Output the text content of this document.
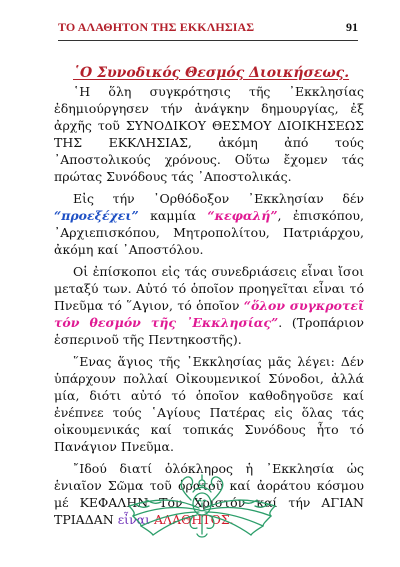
ΤΟ ΑΛΑΘΗΤΟΝ ΤΗΣ ΕΚΚΛΗΣΙΑΣ	91
῾Ο Συνοδικός Θεσμός Διοικήσεως.

῾Η ὅλη συγκρότησις τῆς ᾿Εκκλησίας ἐδημιούργησεν τήν ἀνάγκην δημουργίας, ἐξ ἀρχῆς τοῦ ΣΥΝΟΔΙΚΟΥ ΘΕΣΜΟΥ ΔΙΟΙΚΗΣΕΩΣ ΤΗΣ ΕΚΚΛΗΣΙΑΣ, ἀκόμη ἀπό τούς ᾿Αποστολικούς χρόνους. Οὕτω ἔχομεν τάς πρώτας Συνόδους τάς ᾿Αποστολικάς.

Εἰς τήν ᾿Ορθόδοξον ᾿Εκκλησίαν δέν “προεξέχει” καμμία “κεφαλή”, ἐπισκόπου, ᾿Αρχιεπισκόπου, Μητροπολίτου, Πατριάρχου, ἀκόμη καί ᾿Αποστόλου.

Οἱ ἐπίσκοποι εἰς τάς συνεδριάσεις εἶναι ἴσοι μεταξύ των. Αὐτό τό ὁποῖον προηγεῖται εἶναι τό Πνεῦμα τό ῞Αγιον, τό ὁποῖον “ὅλον συγκροτεῖ τόν θεσμόν τῆς ᾿Εκκλησίας”. (Τροπάριον ἑσπερινοῦ τῆς Πεντηκοστῆς).

῞Ενας ἅγιος τῆς ᾿Εκκλησίας μᾶς λέγει: Δέν ὑπάρχουν πολλαί Οἰκουμενικοί Σύνοδοι, ἀλλά μία, διότι αὐτό τό ὁποῖον καθοδηγοῦσε καί ἐνέπνεε τούς ῾Αγίους Πατέρας εἰς ὅλας τάς οἰκουμενικάς καί τοπικάς Συνόδους ἦτο τό Πανάγιον Πνεῦμα.

῎Ιδού διατί ὁλόκληρος ἡ ᾿Εκκλησία ὡς ἑνιαῖον Σῶμα τοῦ ὁρατοῦ καί ἀοράτου κόσμου μέ ΚΕΦΑΛΗΝ Τόν Χριστόν καί τήν ΑΓΙΑΝ ΤΡΙΑΔΑΝ εἶναι ΑΛΑΘΗΤΟΣ.
